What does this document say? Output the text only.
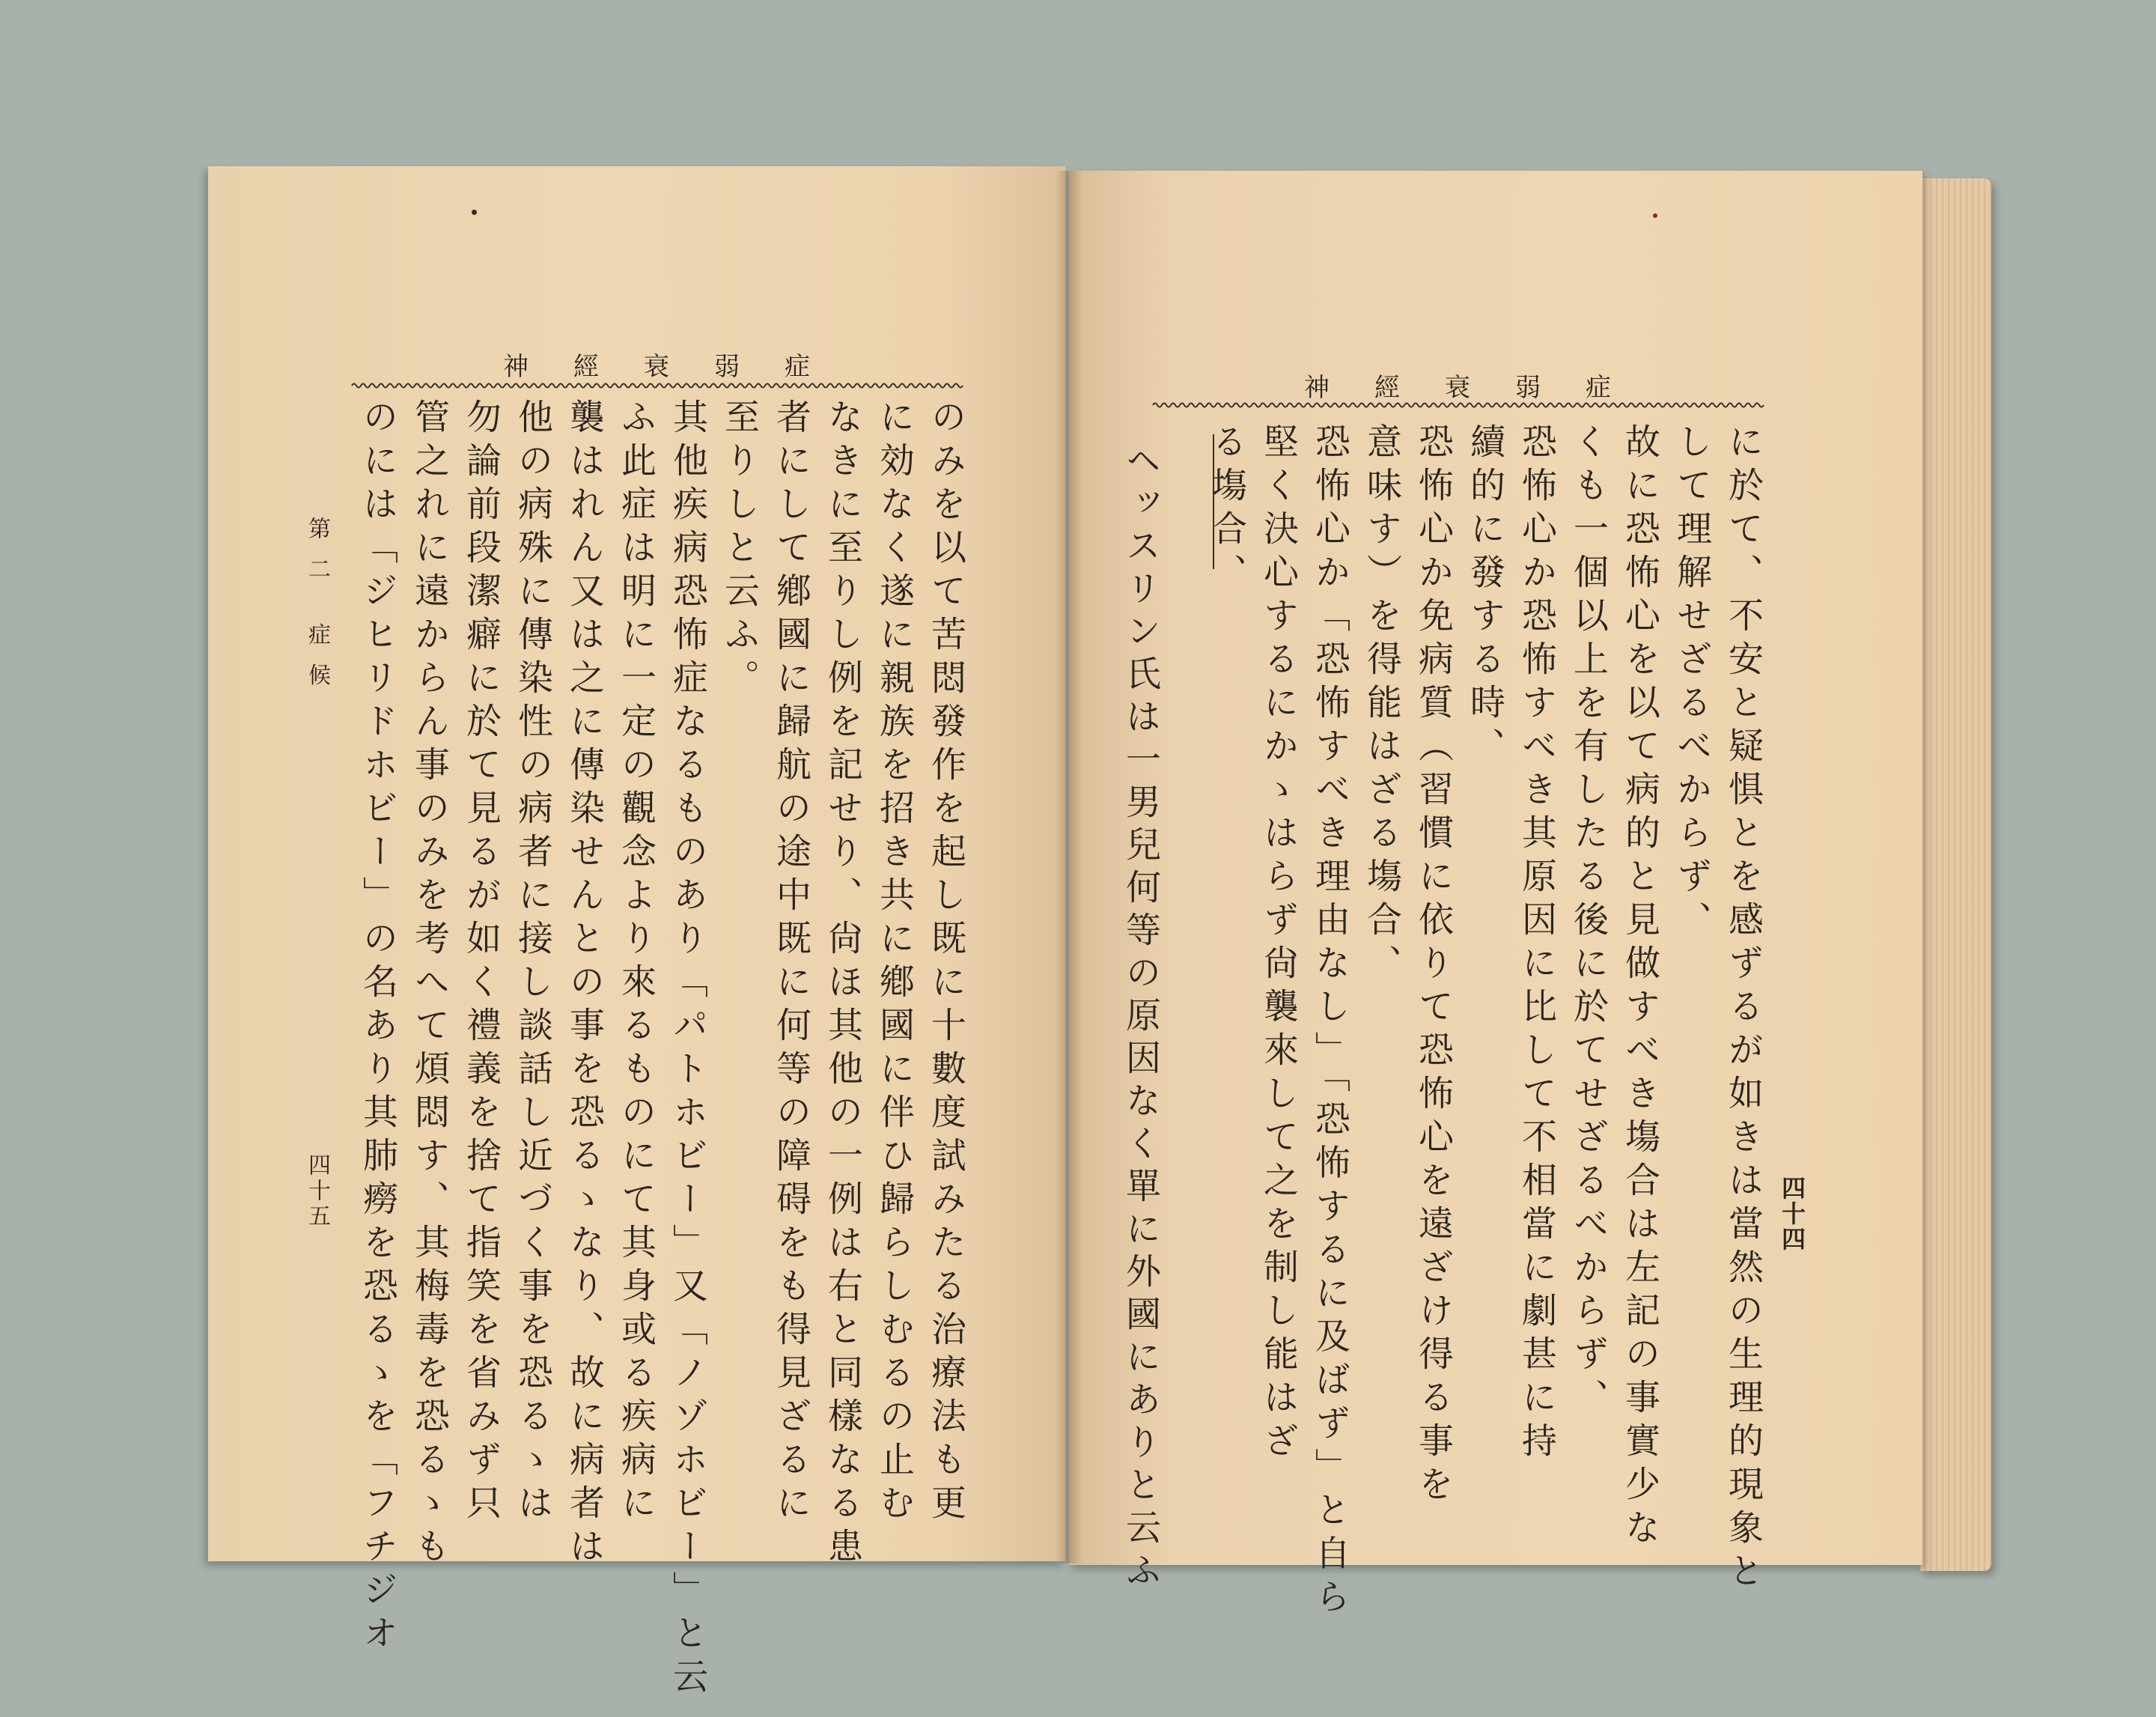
神經衰弱症
のみを以て苦悶發作を起し既に十數度試みたる治療法も更
に効なく遂に親族を招き共に鄕國に伴ひ歸らしむるの止む
なきに至りし例を記せり、尙ほ其他の一例は右と同樣なる患
者にして鄕國に歸航の途中既に何等の障碍をも得見ざるに
至りしと云ふ。
其他疾病恐怖症なるものあり「パトホビー」又「ノゾホビー」と云
ふ此症は明に一定の觀念より來るものにて其身或る疾病に
襲はれん又は之に傳染せんとの事を恐るゝなり、故に病者は
他の病殊に傳染性の病者に接し談話し近づく事を恐るゝは
勿論前段潔癖に於て見るが如く禮義を捨て指笑を省みず只
管之れに遠からん事のみを考へて煩悶す、其梅毒を恐るゝも
のには「ジヒリドホビー」の名あり其肺癆を恐るゝを「フチジオ
第二 症候
四十五
神經衰弱症
に於て、不安と疑惧とを感ずるが如きは當然の生理的現象と
して理解せざるべからず、
故に恐怖心を以て病的と見做すべき塲合は左記の事實少な
くも一個以上を有したる後に於てせざるべからず、
恐怖心か恐怖すべき其原因に比して不相當に劇甚に持
續的に發する時、
恐怖心か免病質（習慣に依りて恐怖心を遠ざけ得る事を
意味す）を得能はざる塲合、
恐怖心か「恐怖すべき理由なし」「恐怖するに及ばず」と自ら
堅く決心するにかゝはらず尙襲來して之を制し能はざ
る塲合、
ヘッスリン氏は一男兒何等の原因なく單に外國にありと云ふ	四十四
